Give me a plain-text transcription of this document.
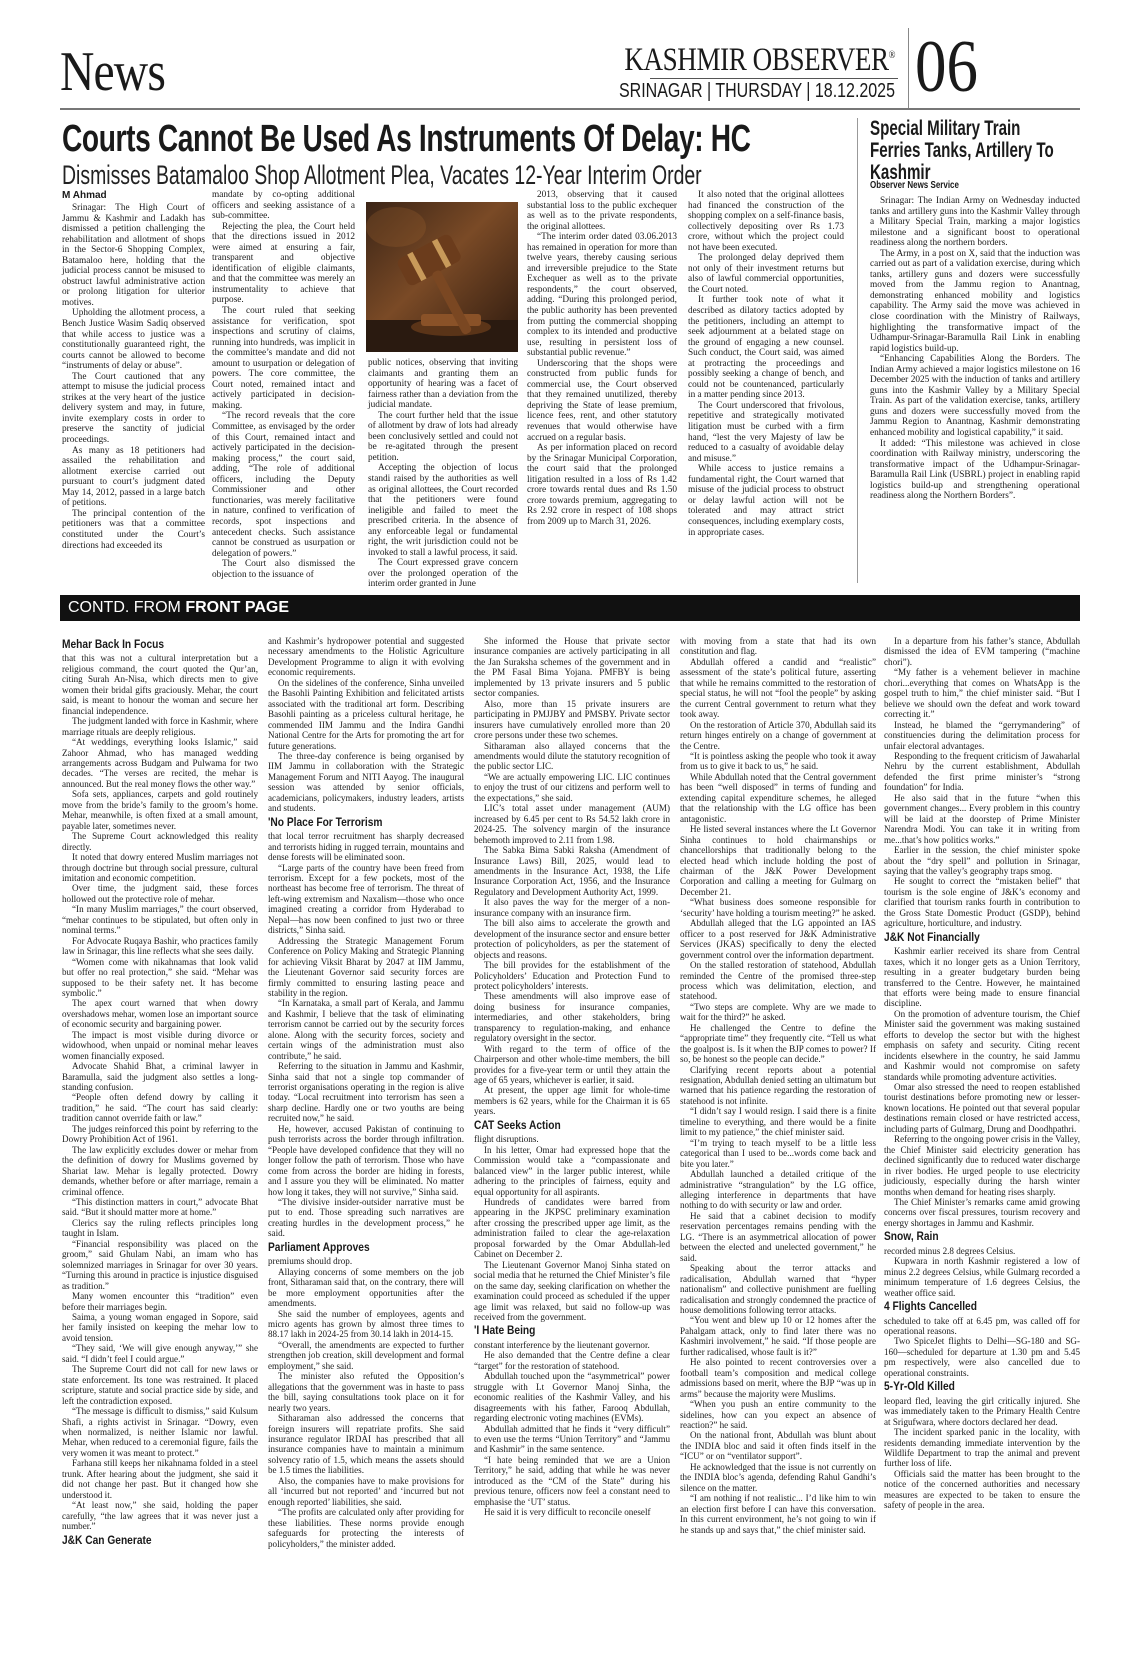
News	KASHMIR OBSERVER®
SRINAGAR | THURSDAY | 18.12.2025 06
Courts Cannot Be Used As Instruments Of Delay: HC
Dismisses Batamaloo Shop Allotment Plea, Vacates 12-Year Interim Order
M Ahmad

Srinagar: The High Court of Jammu & Kashmir and Ladakh has dismissed a petition challenging the rehabilitation and allotment of shops in the Sector-6 Shopping Complex, Batamaloo here, holding that the judicial process cannot be misused to obstruct lawful administrative action or prolong litigation for ulterior motives.

Upholding the allotment process, a Bench Justice Wasim Sadiq observed that while access to justice was a constitutionally guaranteed right, the courts cannot be allowed to become “instruments of delay or abuse”.

The Court cautioned that any attempt to misuse the judicial process strikes at the very heart of the justice delivery system and may, in future, invite exemplary costs in order to preserve the sanctity of judicial proceedings.

As many as 18 petitioners had assailed the rehabilitation and allotment exercise carried out pursuant to court’s judgment dated May 14, 2012, passed in a large batch of petitions.

The principal contention of the petitioners was that a committee constituted under the Court’s directions had exceeded its

mandate by co-opting additional officers and seeking assistance of a sub-committee.

Rejecting the plea, the Court held that the directions issued in 2012 were aimed at ensuring a fair, transparent and objective identification of eligible claimants, and that the committee was merely an instrumentality to achieve that purpose.

The court ruled that seeking assistance for verification, spot inspections and scrutiny of claims, running into hundreds, was implicit in the committee’s mandate and did not amount to usurpation or delegation of powers. The core committee, the Court noted, remained intact and actively participated in decision-making.

“The record reveals that the core Committee, as envisaged by the order of this Court, remained intact and actively participated in the decision-making process,” the court said, adding, “The role of additional officers, including the Deputy Commissioner and other functionaries, was merely facilitative in nature, confined to verification of records, spot inspections and antecedent checks. Such assistance cannot be construed as usurpation or delegation of powers.”

The Court also dismissed the objection to the issuance of

public notices, observing that inviting claimants and granting them an opportunity of hearing was a facet of fairness rather than a deviation from the judicial mandate.

The court further held that the issue of allotment by draw of lots had already been conclusively settled and could not be re-agitated through the present petition.

Accepting the objection of locus standi raised by the authorities as well as original allottees, the Court recorded that the petitioners were found ineligible and failed to meet the prescribed criteria. In the absence of any enforceable legal or fundamental right, the writ jurisdiction could not be invoked to stall a lawful process, it said.

The Court expressed grave concern over the prolonged operation of the interim order granted in June

2013, observing that it caused substantial loss to the public exchequer as well as to the private respondents, the original allottees.

“The interim order dated 03.06.2013 has remained in operation for more than twelve years, thereby causing serious and irreversible prejudice to the State Exchequer as well as to the private respondents,” the court observed, adding. “During this prolonged period, the public authority has been prevented from putting the commercial shopping complex to its intended and productive use, resulting in persistent loss of substantial public revenue.”

Underscoring that the shops were constructed from public funds for commercial use, the Court observed that they remained unutilized, thereby depriving the State of lease premium, licence fees, rent, and other statutory revenues that would otherwise have accrued on a regular basis.

As per information placed on record by the Srinagar Municipal Corporation, the court said that the prolonged litigation resulted in a loss of Rs 1.42 crore towards rental dues and Rs 1.50 crore towards premium, aggregating to Rs 2.92 crore in respect of 108 shops from 2009 up to March 31, 2026.

It also noted that the original allottees had financed the construction of the shopping complex on a self-finance basis, collectively depositing over Rs 1.73 crore, without which the project could not have been executed.

The prolonged delay deprived them not only of their investment returns but also of lawful commercial opportunities, the Court noted.

It further took note of what it described as dilatory tactics adopted by the petitioners, including an attempt to seek adjournment at a belated stage on the ground of engaging a new counsel. Such conduct, the Court said, was aimed at protracting the proceedings and possibly seeking a change of bench, and could not be countenanced, particularly in a matter pending since 2013.

The Court underscored that frivolous, repetitive and strategically motivated litigation must be curbed with a firm hand, “lest the very Majesty of law be reduced to a casualty of avoidable delay and misuse.”

While access to justice remains a fundamental right, the Court warned that misuse of the judicial process to obstruct or delay lawful action will not be tolerated and may attract strict consequences, including exemplary costs, in appropriate cases.

Special Military Train Ferries Tanks, Artillery To Kashmir
Observer News Service

Srinagar: The Indian Army on Wednesday inducted tanks and artillery guns into the Kashmir Valley through a Military Special Train, marking a major logistics milestone and a significant boost to operational readiness along the northern borders.

The Army, in a post on X, said that the induction was carried out as part of a validation exercise, during which tanks, artillery guns and dozers were successfully moved from the Jammu region to Anantnag, demonstrating enhanced mobility and logistics capability. The Army said the move was achieved in close coordination with the Ministry of Railways, highlighting the transformative impact of the Udhampur-Srinagar-Baramulla Rail Link in enabling rapid logistics build-up.

“Enhancing Capabilities Along the Borders. The Indian Army achieved a major logistics milestone on 16 December 2025 with the induction of tanks and artillery guns into the Kashmir Valley by a Military Special Train. As part of the validation exercise, tanks, artillery guns and dozers were successfully moved from the Jammu Region to Anantnag, Kashmir demonstrating enhanced mobility and logistical capability,” it said.

It added: “This milestone was achieved in close coordination with Railway ministry, underscoring the transformative impact of the Udhampur-Srinagar-Baramulla Rail Link (USBRL) project in enabling rapid logistics build-up and strengthening operational readiness along the Northern Borders”.

CONTD. FROM FRONT PAGE
Mehar Back In Focus

that this was not a cultural interpretation but a religious command, the court quoted the Qur’an, citing Surah An-Nisa, which directs men to give women their bridal gifts graciously. Mehar, the court said, is meant to honour the woman and secure her financial independence.

The judgment landed with force in Kashmir, where marriage rituals are deeply religious.

“At weddings, everything looks Islamic,” said Zahoor Ahmad, who has managed wedding arrangements across Budgam and Pulwama for two decades. “The verses are recited, the mehar is announced. But the real money flows the other way.”

Sofa sets, appliances, carpets and gold routinely move from the bride’s family to the groom’s home. Mehar, meanwhile, is often fixed at a small amount, payable later, sometimes never.

The Supreme Court acknowledged this reality directly.

It noted that dowry entered Muslim marriages not through doctrine but through social pressure, cultural imitation and economic competition.

Over time, the judgment said, these forces hollowed out the protective role of mehar.

“In many Muslim marriages,” the court observed, “mehar continues to be stipulated, but often only in nominal terms.”

For Advocate Ruqaya Bashir, who practices family law in Srinagar, this line reflects what she sees daily.

“Women come with nikahnamas that look valid but offer no real protection,” she said. “Mehar was supposed to be their safety net. It has become symbolic.”

The apex court warned that when dowry overshadows mehar, women lose an important source of economic security and bargaining power.

The impact is most visible during divorce or widowhood, when unpaid or nominal mehar leaves women financially exposed.

Advocate Shahid Bhat, a criminal lawyer in Baramulla, said the judgment also settles a long-standing confusion.

“People often defend dowry by calling it tradition,” he said. “The court has said clearly: tradition cannot override faith or law.”

The judges reinforced this point by referring to the Dowry Prohibition Act of 1961.

The law explicitly excludes dower or mehar from the definition of dowry for Muslims governed by Shariat law. Mehar is legally protected. Dowry demands, whether before or after marriage, remain a criminal offence.

“This distinction matters in court,” advocate Bhat said. “But it should matter more at home.”

Clerics say the ruling reflects principles long taught in Islam.

“Financial responsibility was placed on the groom,” said Ghulam Nabi, an imam who has solemnized marriages in Srinagar for over 30 years. “Turning this around in practice is injustice disguised as tradition.”

Many women encounter this “tradition” even before their marriages begin.

Saima, a young woman engaged in Sopore, said her family insisted on keeping the mehar low to avoid tension.

“They said, ‘We will give enough anyway,’” she said. “I didn’t feel I could argue.”

The Supreme Court did not call for new laws or state enforcement. Its tone was restrained. It placed scripture, statute and social practice side by side, and left the contradiction exposed.

“The message is difficult to dismiss,” said Kulsum Shafi, a rights activist in Srinagar. “Dowry, even when normalized, is neither Islamic nor lawful. Mehar, when reduced to a ceremonial figure, fails the very women it was meant to protect.”

Farhana still keeps her nikahnama folded in a steel trunk. After hearing about the judgment, she said it did not change her past. But it changed how she understood it.

“At least now,” she said, holding the paper carefully, “the law agrees that it was never just a number.”

J&K Can Generate

and Kashmir’s hydropower potential and suggested necessary amendments to the Holistic Agriculture Development Programme to align it with evolving economic requirements.

On the sidelines of the conference, Sinha unveiled the Basohli Painting Exhibition and felicitated artists associated with the traditional art form. Describing Basohli painting as a priceless cultural heritage, he commended IIM Jammu and the Indira Gandhi National Centre for the Arts for promoting the art for future generations.

The three-day conference is being organised by IIM Jammu in collaboration with the Strategic Management Forum and NITI Aayog. The inaugural session was attended by senior officials, academicians, policymakers, industry leaders, artists and students.

'No Place For Terrorism

that local terror recruitment has sharply decreased and terrorists hiding in rugged terrain, mountains and dense forests will be eliminated soon.

“Large parts of the country have been freed from terrorism. Except for a few pockets, most of the northeast has become free of terrorism. The threat of left-wing extremism and Naxalism—those who once imagined creating a corridor from Hyderabad to Nepal—has now been confined to just two or three districts,” Sinha said.

Addressing the Strategic Management Forum Conference on Policy Making and Strategic Planning for achieving Viksit Bharat by 2047 at IIM Jammu, the Lieutenant Governor said security forces are firmly committed to ensuring lasting peace and stability in the region.

“In Karnataka, a small part of Kerala, and Jammu and Kashmir, I believe that the task of eliminating terrorism cannot be carried out by the security forces alone. Along with the security forces, society and certain wings of the administration must also contribute,” he said.

Referring to the situation in Jammu and Kashmir, Sinha said that not a single top commander of terrorist organisations operating in the region is alive today. “Local recruitment into terrorism has seen a sharp decline. Hardly one or two youths are being recruited now,” he said.

He, however, accused Pakistan of continuing to push terrorists across the border through infiltration. “People have developed confidence that they will no longer follow the path of terrorism. Those who have come from across the border are hiding in forests, and I assure you they will be eliminated. No matter how long it takes, they will not survive,” Sinha said.

“The divisive insider-outsider narrative must be put to end. Those spreading such narratives are creating hurdles in the development process,” he said.

Parliament Approves

premiums should drop.

Allaying concerns of some members on the job front, Sitharaman said that, on the contrary, there will be more employment opportunities after the amendments.

She said the number of employees, agents and micro agents has grown by almost three times to 88.17 lakh in 2024-25 from 30.14 lakh in 2014-15.

“Overall, the amendments are expected to further strengthen job creation, skill development and formal employment,” she said.

The minister also refuted the Opposition’s allegations that the government was in haste to pass the bill, saying consultations took place on it for nearly two years.

Sitharaman also addressed the concerns that foreign insurers will repatriate profits. She said insurance regulator IRDAI has prescribed that all insurance companies have to maintain a minimum solvency ratio of 1.5, which means the assets should be 1.5 times the liabilities.

Also, the companies have to make provisions for all ‘incurred but not reported’ and ‘incurred but not enough reported’ liabilities, she said.

“The profits are calculated only after providing for these liabilities. These norms provide enough safeguards for protecting the interests of policyholders,” the minister added.

She informed the House that private sector insurance companies are actively participating in all the Jan Suraksha schemes of the government and in the PM Fasal Bima Yojana. PMFBY is being implemented by 13 private insurers and 5 public sector companies.

Also, more than 15 private insurers are participating in PMJJBY and PMSBY. Private sector insurers have cumulatively enrolled more than 20 crore persons under these two schemes.

Sitharaman also allayed concerns that the amendments would dilute the statutory recognition of the public sector LIC.

“We are actually empowering LIC. LIC continues to enjoy the trust of our citizens and perform well to the expectations,” she said.

LIC’s total asset under management (AUM) increased by 6.45 per cent to Rs 54.52 lakh crore in 2024-25. The solvency margin of the insurance behemoth improved to 2.11 from 1.98.

The Sabka Bima Sabki Raksha (Amendment of Insurance Laws) Bill, 2025, would lead to amendments in the Insurance Act, 1938, the Life Insurance Corporation Act, 1956, and the Insurance Regulatory and Development Authority Act, 1999.

It also paves the way for the merger of a non-insurance company with an insurance firm.

The bill also aims to accelerate the growth and development of the insurance sector and ensure better protection of policyholders, as per the statement of objects and reasons.

The bill provides for the establishment of the Policyholders’ Education and Protection Fund to protect policyholders’ interests.

These amendments will also improve ease of doing business for insurance companies, intermediaries, and other stakeholders, bring transparency to regulation-making, and enhance regulatory oversight in the sector.

With regard to the term of office of the Chairperson and other whole-time members, the bill provides for a five-year term or until they attain the age of 65 years, whichever is earlier, it said.

At present, the upper age limit for whole-time members is 62 years, while for the Chairman it is 65 years.

CAT Seeks Action

flight disruptions.

In his letter, Omar had expressed hope that the Commission would take a “compassionate and balanced view” in the larger public interest, while adhering to the principles of fairness, equity and equal opportunity for all aspirants.

Hundreds of candidates were barred from appearing in the JKPSC preliminary examination after crossing the prescribed upper age limit, as the administration failed to clear the age-relaxation proposal forwarded by the Omar Abdullah-led Cabinet on December 2.

The Lieutenant Governor Manoj Sinha stated on social media that he returned the Chief Minister’s file on the same day, seeking clarification on whether the examination could proceed as scheduled if the upper age limit was relaxed, but said no follow-up was received from the government.

'I Hate Being

constant interference by the lieutenant governor.

He also demanded that the Centre define a clear “target” for the restoration of statehood.

Abdullah touched upon the “asymmetrical” power struggle with Lt Governor Manoj Sinha, the economic realities of the Kashmir Valley, and his disagreements with his father, Farooq Abdullah, regarding electronic voting machines (EVMs).

Abdullah admitted that he finds it “very difficult” to even use the terms “Union Territory” and “Jammu and Kashmir” in the same sentence.

“I hate being reminded that we are a Union Territory,” he said, adding that while he was never introduced as the “CM of the State” during his previous tenure, officers now feel a constant need to emphasise the ‘UT’ status.

He said it is very difficult to reconcile oneself

with moving from a state that had its own constitution and flag.

Abdullah offered a candid and “realistic” assessment of the state’s political future, asserting that while he remains committed to the restoration of special status, he will not “fool the people” by asking the current Central government to return what they took away.

On the restoration of Article 370, Abdullah said its return hinges entirely on a change of government at the Centre.

“It is pointless asking the people who took it away from us to give it back to us,” he said.

While Abdullah noted that the Central government has been “well disposed” in terms of funding and extending capital expenditure schemes, he alleged that the relationship with the LG office has been antagonistic.

He listed several instances where the Lt Governor Sinha continues to hold chairmanships or chancellorships that traditionally belong to the elected head which include holding the post of chairman of the J&K Power Development Corporation and calling a meeting for Gulmarg on December 21.

“What business does someone responsible for ‘security’ have holding a tourism meeting?” he asked.

Abdullah alleged that the LG appointed an IAS officer to a post reserved for J&K Administrative Services (JKAS) specifically to deny the elected government control over the information department.

On the stalled restoration of statehood, Abdullah reminded the Centre of the promised three-step process which was delimitation, election, and statehood.

“Two steps are complete. Why are we made to wait for the third?” he asked.

He challenged the Centre to define the “appropriate time” they frequently cite. “Tell us what the goalpost is. Is it when the BJP comes to power? If so, be honest so the people can decide.”

Clarifying recent reports about a potential resignation, Abdullah denied setting an ultimatum but warned that his patience regarding the restoration of statehood is not infinite.

“I didn’t say I would resign. I said there is a finite timeline to everything, and there would be a finite limit to my patience,” the chief minister said.

“I’m trying to teach myself to be a little less categorical than I used to be...words come back and bite you later.”

Abdullah launched a detailed critique of the administrative “strangulation” by the LG office, alleging interference in departments that have nothing to do with security or law and order.

He said that a cabinet decision to modify reservation percentages remains pending with the LG. “There is an asymmetrical allocation of power between the elected and unelected government,” he said.

Speaking about the terror attacks and radicalisation, Abdullah warned that “hyper nationalism” and collective punishment are fuelling radicalisation and strongly condemned the practice of house demolitions following terror attacks.

“You went and blew up 10 or 12 homes after the Pahalgam attack, only to find later there was no Kashmiri involvement,” he said. “If those people are further radicalised, whose fault is it?”

He also pointed to recent controversies over a football team’s composition and medical college admissions based on merit, where the BJP “was up in arms” because the majority were Muslims.

“When you push an entire community to the sidelines, how can you expect an absence of reaction?” he said.

On the national front, Abdullah was blunt about the INDIA bloc and said it often finds itself in the “ICU” or on “ventilator support”.

He acknowledged that the issue is not currently on the INDIA bloc’s agenda, defending Rahul Gandhi’s silence on the matter.

“I am nothing if not realistic... I’d like him to win an election first before I can have this conversation. In this current environment, he’s not going to win if he stands up and says that,” the chief minister said.

In a departure from his father’s stance, Abdullah dismissed the idea of EVM tampering (“machine chori”).

“My father is a vehement believer in machine chori...everything that comes on WhatsApp is the gospel truth to him,” the chief minister said. “But I believe we should own the defeat and work toward correcting it.”

Instead, he blamed the “gerrymandering” of constituencies during the delimitation process for unfair electoral advantages.

Responding to the frequent criticism of Jawaharlal Nehru by the current establishment, Abdullah defended the first prime minister’s “strong foundation” for India.

He also said that in the future “when this government changes... Every problem in this country will be laid at the doorstep of Prime Minister Narendra Modi. You can take it in writing from me...that’s how politics works.”

Earlier in the session, the chief minister spoke about the “dry spell” and pollution in Srinagar, saying that the valley’s geography traps smog.

He sought to correct the “mistaken belief” that tourism is the sole engine of J&K’s economy and clarified that tourism ranks fourth in contribution to the Gross State Domestic Product (GSDP), behind agriculture, horticulture, and industry.

J&K Not Financially

Kashmir earlier received its share from Central taxes, which it no longer gets as a Union Territory, resulting in a greater budgetary burden being transferred to the Centre. However, he maintained that efforts were being made to ensure financial discipline.

On the promotion of adventure tourism, the Chief Minister said the government was making sustained efforts to develop the sector but with the highest emphasis on safety and security. Citing recent incidents elsewhere in the country, he said Jammu and Kashmir would not compromise on safety standards while promoting adventure activities.

Omar also stressed the need to reopen established tourist destinations before promoting new or lesser-known locations. He pointed out that several popular destinations remain closed or have restricted access, including parts of Gulmarg, Drung and Doodhpathri.

Referring to the ongoing power crisis in the Valley, the Chief Minister said electricity generation has declined significantly due to reduced water discharge in river bodies. He urged people to use electricity judiciously, especially during the harsh winter months when demand for heating rises sharply.

The Chief Minister’s remarks came amid growing concerns over fiscal pressures, tourism recovery and energy shortages in Jammu and Kashmir.

Snow, Rain

recorded minus 2.8 degrees Celsius.

Kupwara in north Kashmir registered a low of minus 2.2 degrees Celsius, while Gulmarg recorded a minimum temperature of 1.6 degrees Celsius, the weather office said.

4 Flights Cancelled

scheduled to take off at 6.45 pm, was called off for operational reasons.

Two SpiceJet flights to Delhi—SG-180 and SG-160—scheduled for departure at 1.30 pm and 5.45 pm respectively, were also cancelled due to operational constraints.

5-Yr-Old Killed

leopard fled, leaving the girl critically injured. She was immediately taken to the Primary Health Centre at Srigufwara, where doctors declared her dead.

The incident sparked panic in the locality, with residents demanding immediate intervention by the Wildlife Department to trap the animal and prevent further loss of life.

Officials said the matter has been brought to the notice of the concerned authorities and necessary measures are expected to be taken to ensure the safety of people in the area.
